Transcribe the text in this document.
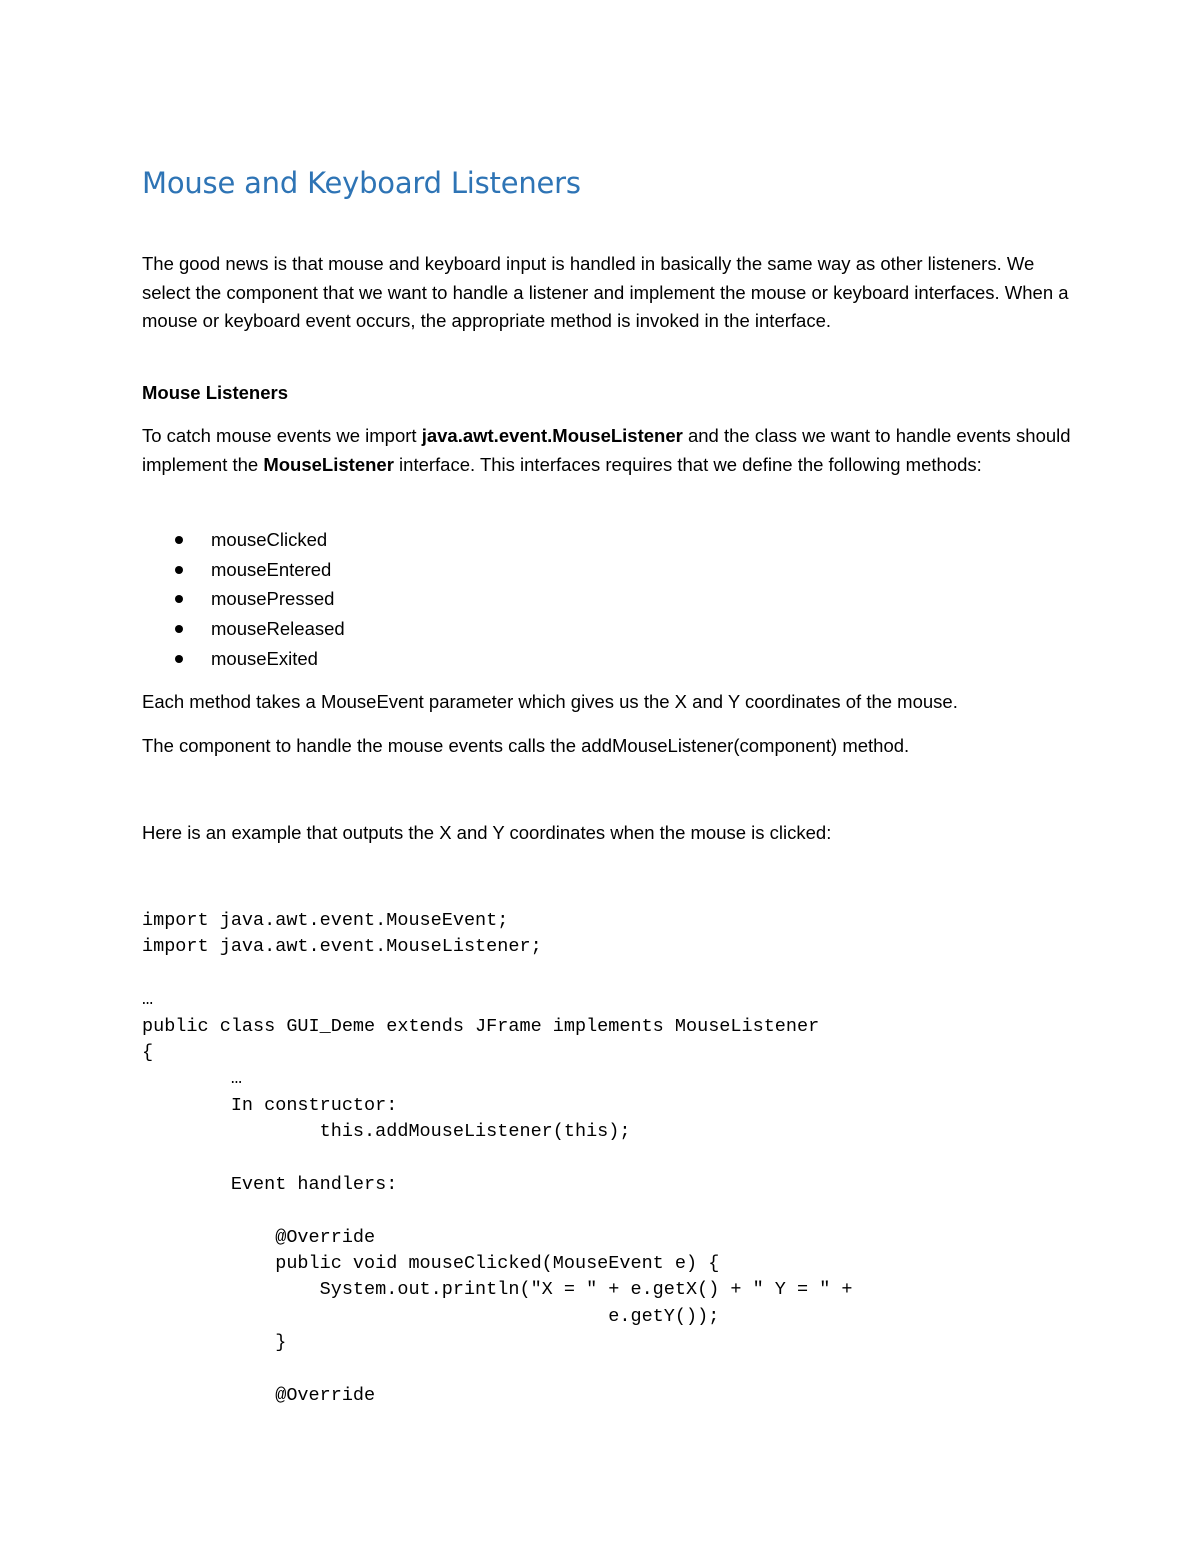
Mouse and Keyboard Listeners

The good news is that mouse and keyboard input is handled in basically the same way as other listeners. We select the component that we want to handle a listener and implement the mouse or keyboard interfaces. When a mouse or keyboard event occurs, the appropriate method is invoked in the interface.

Mouse Listeners

To catch mouse events we import java.awt.event.MouseListener and the class we want to handle events should implement the MouseListener interface. This interfaces requires that we define the following methods:

mouseClicked
mouseEntered
mousePressed
mouseReleased
mouseExited

Each method takes a MouseEvent parameter which gives us the X and Y coordinates of the mouse.

The component to handle the mouse events calls the addMouseListener(component) method.

Here is an example that outputs the X and Y coordinates when the mouse is clicked:

import java.awt.event.MouseEvent;
import java.awt.event.MouseListener;
…
public class GUI_Deme extends JFrame implements MouseListener
{
…
In constructor:
this.addMouseListener(this);
Event handlers:
@Override
public void mouseClicked(MouseEvent e) {
System.out.println("X = " + e.getX() + " Y = " +
e.getY());
}
@Override
